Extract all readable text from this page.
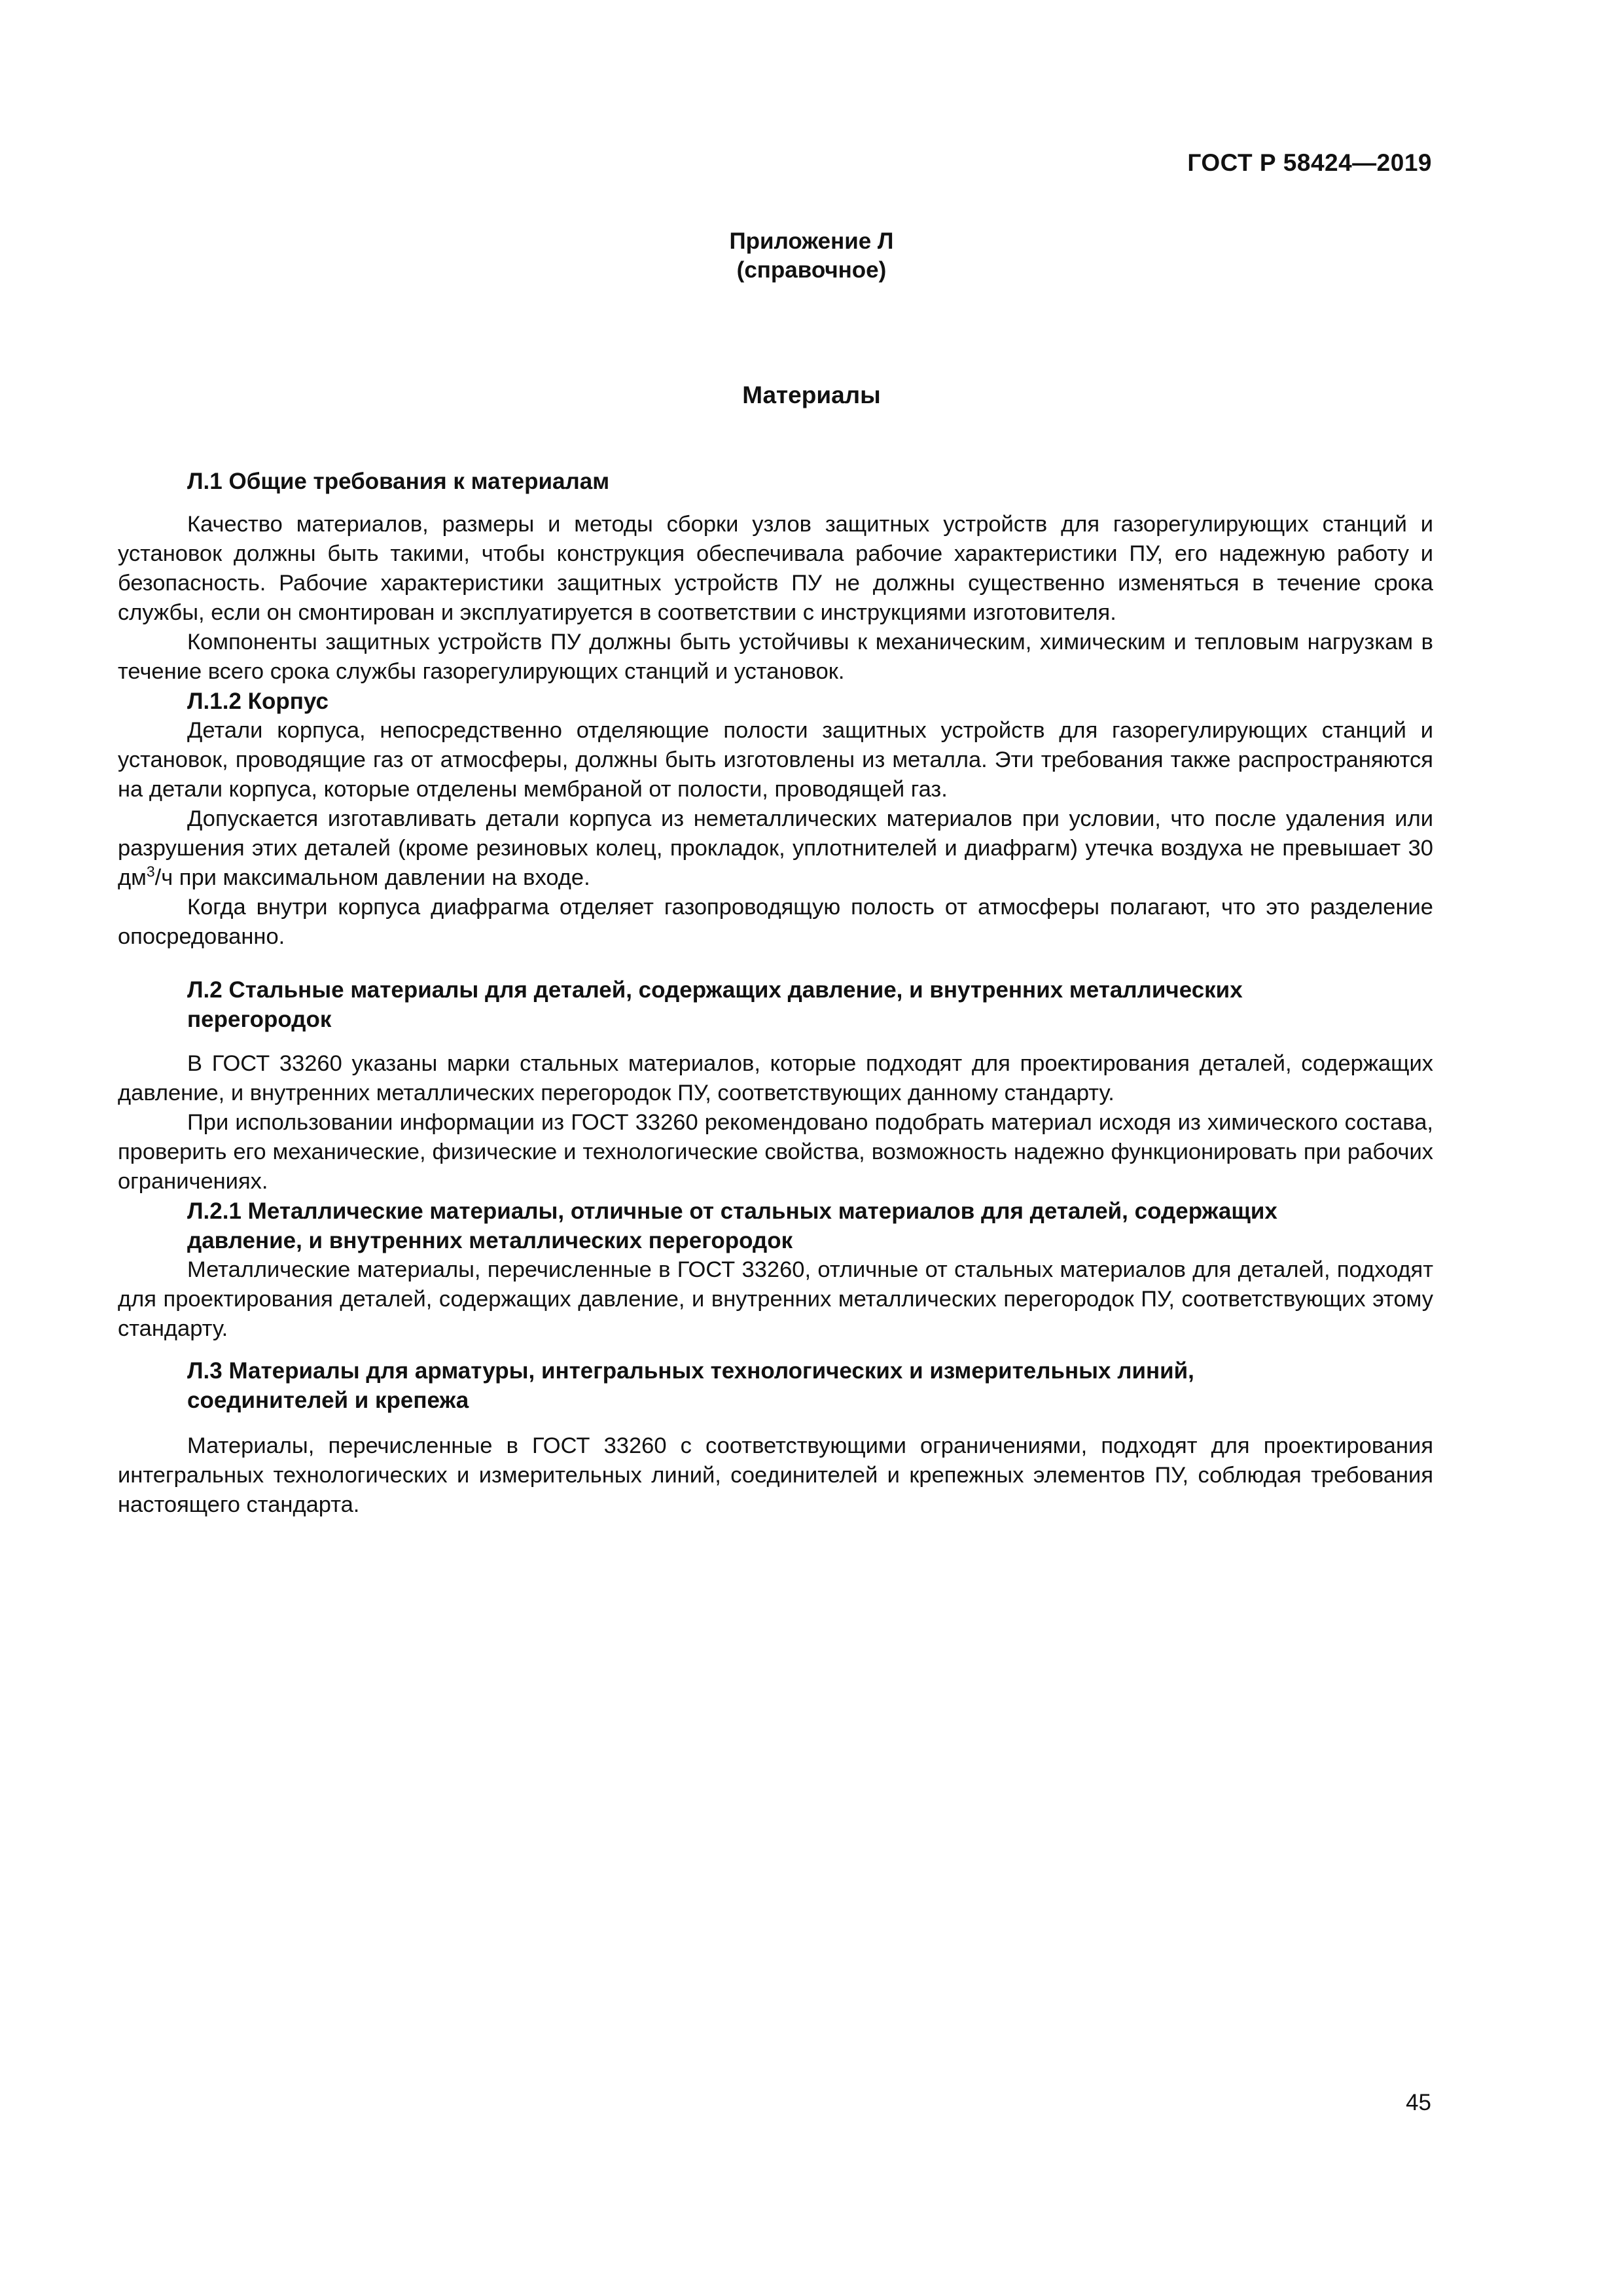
ГОСТ Р 58424—2019
Приложение Л
(справочное)
Материалы

Л.1 Общие требования к материалам

Качество материалов, размеры и методы сборки узлов защитных устройств для газорегулирующих станций и установок должны быть такими, чтобы конструкция обеспечивала рабочие характеристики ПУ, его надежную работу и безопасность. Рабочие характеристики защитных устройств ПУ не должны существенно изменяться в течение срока службы, если он смонтирован и эксплуатируется в соответствии с инструкциями изготовителя.

Компоненты защитных устройств ПУ должны быть устойчивы к механическим, химическим и тепловым нагрузкам в течение всего срока службы газорегулирующих станций и установок.

Л.1.2 Корпус

Детали корпуса, непосредственно отделяющие полости защитных устройств для газорегулирующих станций и установок, проводящие газ от атмосферы, должны быть изготовлены из металла. Эти требования также распространяются на детали корпуса, которые отделены мембраной от полости, проводящей газ.

Допускается изготавливать детали корпуса из неметаллических материалов при условии, что после удаления или разрушения этих деталей (кроме резиновых колец, прокладок, уплотнителей и диафрагм) утечка воздуха не превышает 30 $дм^3/ч$ при максимальном давлении на входе.

Когда внутри корпуса диафрагма отделяет газопроводящую полость от атмосферы полагают, что это разделение опосредованно.

Л.2 Стальные материалы для деталей, содержащих давление, и внутренних металлических перегородок

В ГОСТ 33260 указаны марки стальных материалов, которые подходят для проектирования деталей, содержащих давление, и внутренних металлических перегородок ПУ, соответствующих данному стандарту.

При использовании информации из ГОСТ 33260 рекомендовано подобрать материал исходя из химического состава, проверить его механические, физические и технологические свойства, возможность надежно функционировать при рабочих ограничениях.

Л.2.1 Металлические материалы, отличные от стальных материалов для деталей, содержащих давление, и внутренних металлических перегородок

Металлические материалы, перечисленные в ГОСТ 33260, отличные от стальных материалов для деталей, подходят для проектирования деталей, содержащих давление, и внутренних металлических перегородок ПУ, соответствующих этому стандарту.

Л.3 Материалы для арматуры, интегральных технологических и измерительных линий, соединителей и крепежа

Материалы, перечисленные в ГОСТ 33260 с соответствующими ограничениями, подходят для проектирования интегральных технологических и измерительных линий, соединителей и крепежных элементов ПУ, соблюдая требования настоящего стандарта.

45
